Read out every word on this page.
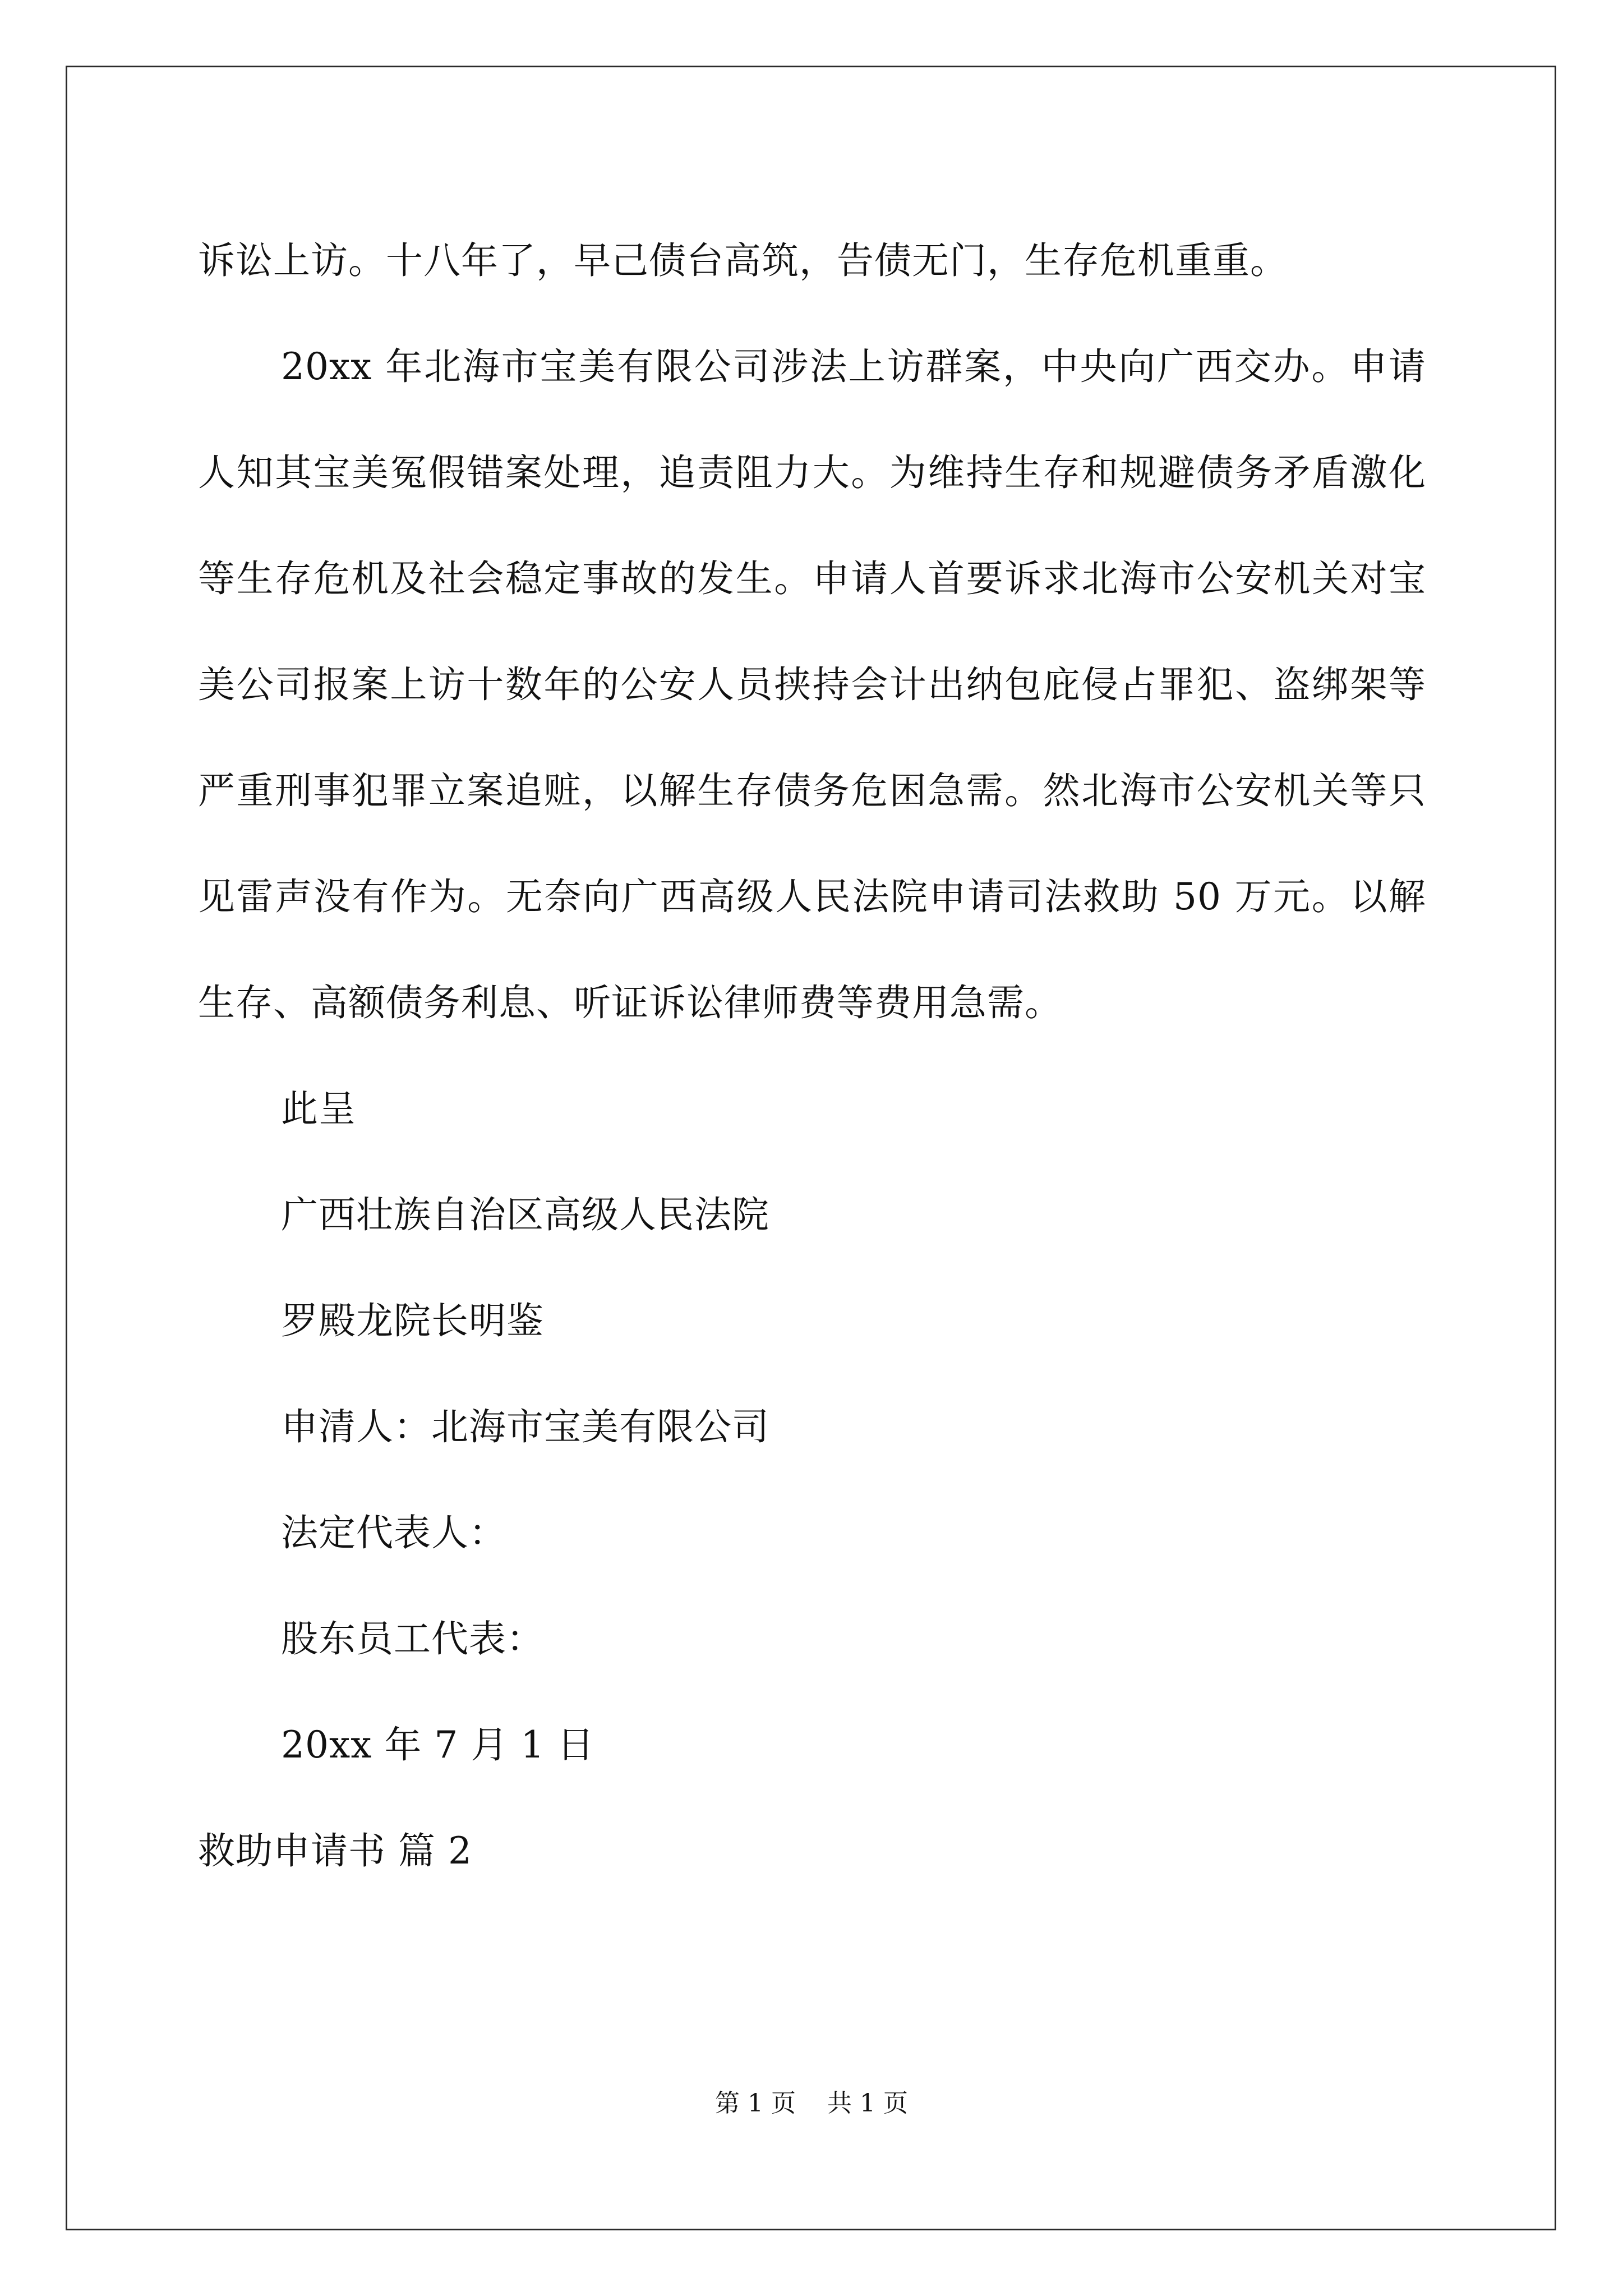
诉讼上访。十八年了，早己债台高筑，告债无门，生存危机重重。

20xx 年北海市宝美有限公司涉法上访群案，中央向广西交办。申请人知其宝美冤假错案处理，追责阻力大。为维持生存和规避债务矛盾激化等生存危机及社会稳定事故的发生。申请人首要诉求北海市公安机关对宝美公司报案上访十数年的公安人员挟持会计出纳包庇侵占罪犯、盗绑架等严重刑事犯罪立案追赃，以解生存债务危困急需。然北海市公安机关等只见雷声没有作为。无奈向广西高级人民法院申请司法救助 50 万元。以解生存、高额债务利息、听证诉讼律师费等费用急需。

此呈

广西壮族自治区高级人民法院

罗殿龙院长明鉴

申清人：北海市宝美有限公司

法定代表人：

股东员工代表：

20xx 年 7 月 1 日

救助申请书 篇 2

第 1 页 共 1 页
